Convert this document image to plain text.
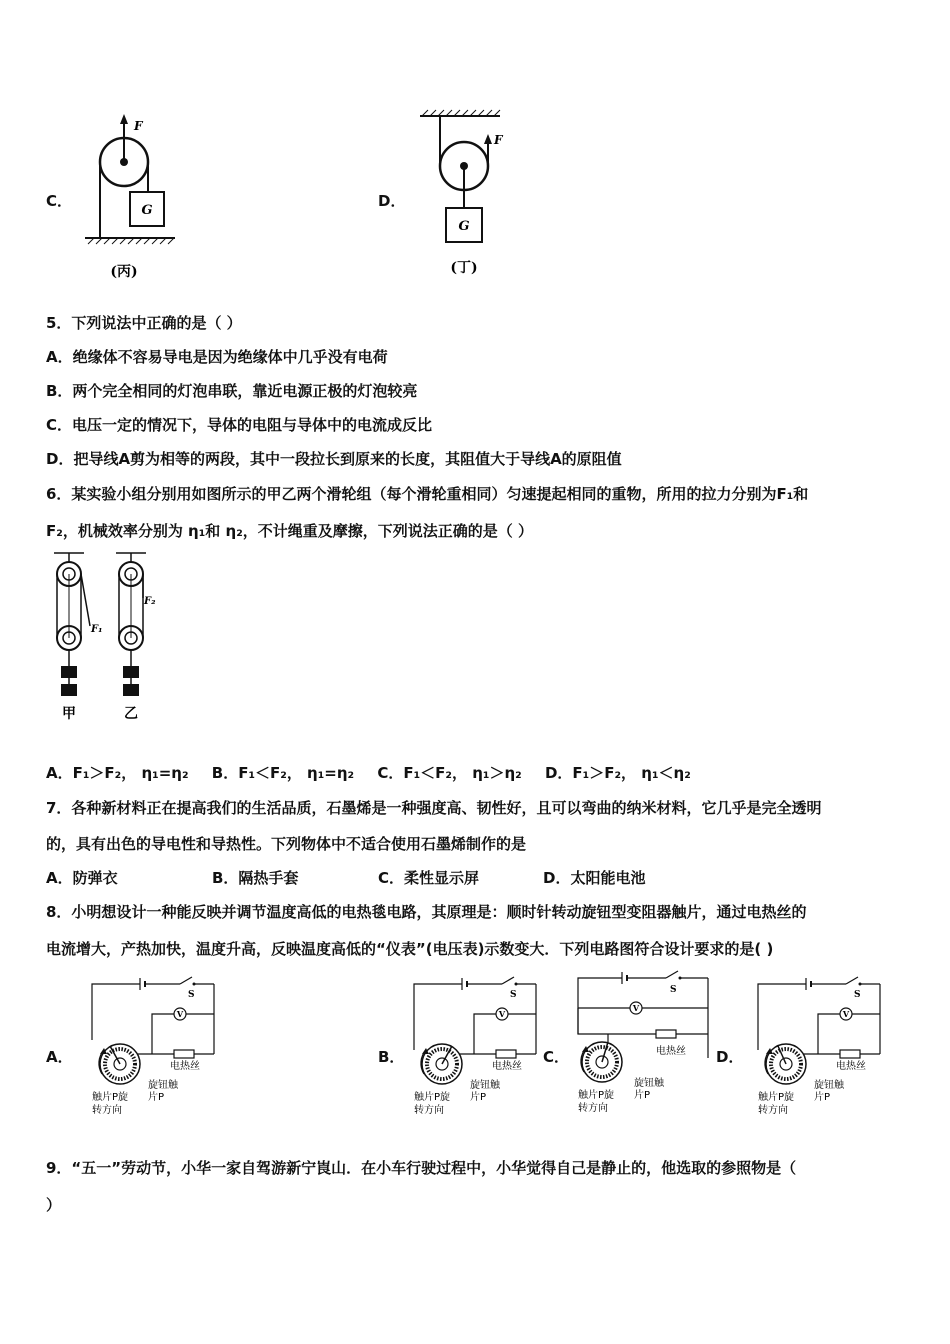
C．
G
F
(丙)
D．
G
F
(丁)
5．下列说法中正确的是（ ）
A．绝缘体不容易导电是因为绝缘体中几乎没有电荷
B．两个完全相同的灯泡串联，靠近电源正极的灯泡较亮
C．电压一定的情况下，导体的电阻与导体中的电流成反比
D．把导线A剪为相等的两段，其中一段拉长到原来的长度，其阻值大于导线A的原阻值
6．某实验小组分别用如图所示的甲乙两个滑轮组（每个滑轮重相同）匀速提起相同的重物，所用的拉力分别为F₁和
F₂，机械效率分别为 η₁和 η₂，不计绳重及摩擦，下列说法正确的是（ ）
F₁
甲
F₂
乙
A．F₁＞F₂， η₁=η₂ B．F₁＜F₂， η₁=η₂ C．F₁＜F₂， η₁＞η₂ D．F₁＞F₂， η₁＜η₂
7．各种新材料正在提高我们的生活品质，石墨烯是一种强度高、韧性好，且可以弯曲的纳米材料，它几乎是完全透明
的，具有出色的导电性和导热性。下列物体中不适合使用石墨烯制作的是
A．防弹衣	B．隔热手套	C．柔性显示屏	D．太阳能电池
8．小明想设计一种能反映并调节温度高低的电热毯电路，其原理是：顺时针转动旋钮型变阻器触片，通过电热丝的
电流增大，产热加快，温度升高，反映温度高低的“仪表”(电压表)示数变大．下列电路图符合设计要求的是( )
A．	B．	C．	D．
V
S
电热丝
旋钮触
片P
触片P旋
转方向
V
S
电热丝
旋钮触
片P
触片P旋
转方向
V
S
电热丝
旋钮触
片P
触片P旋
转方向
V
S
电热丝
旋钮触
片P
触片P旋
转方向
9．“五一”劳动节，小华一家自驾游新宁崀山．在小车行驶过程中，小华觉得自己是静止的，他选取的参照物是（
）
